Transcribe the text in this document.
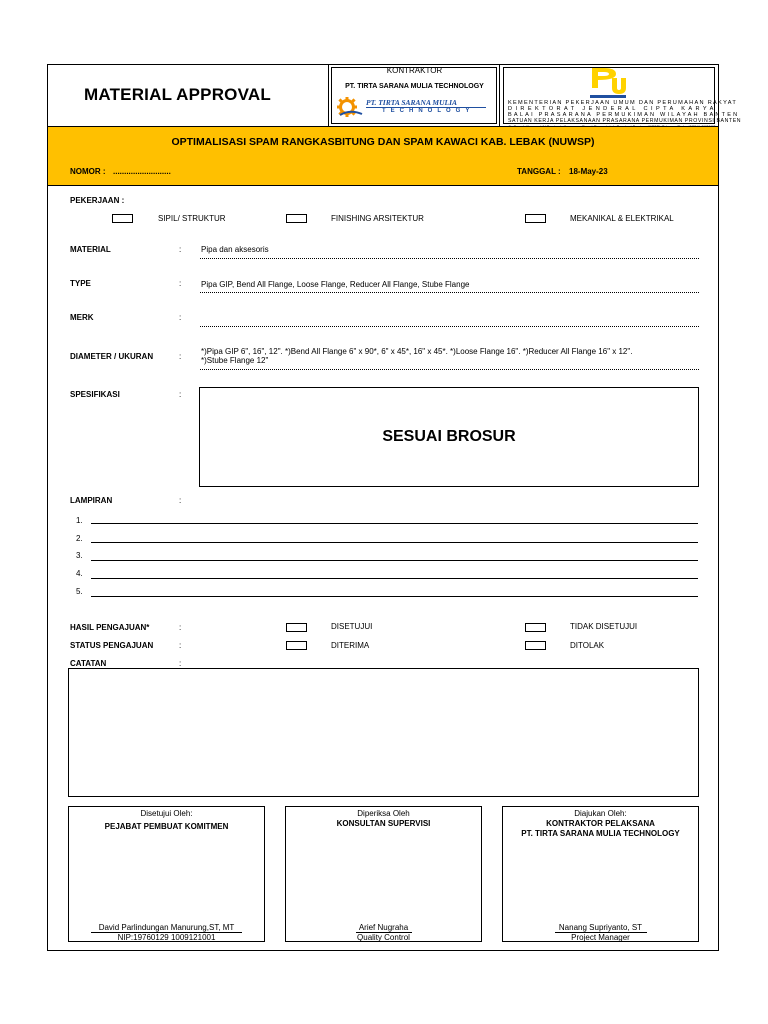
MATERIAL APPROVAL
KONTRAKTOR
PT. TIRTA SARANA MULIA TECHNOLOGY
PT. TIRTA SARANA MULIA
TECHNOLOGY
KEMENTERIAN PEKERJAAN UMUM DAN PERUMAHAN RAKYAT
DIREKTORAT JENDERAL CIPTA KARYA
BALAI PRASARANA PERMUKIMAN WILAYAH BANTEN
SATUAN KERJA PELAKSANAAN PRASARANA PERMUKIMAN PROVINSI BANTEN
OPTIMALISASI SPAM RANGKASBITUNG DAN SPAM KAWACI KAB. LEBAK (NUWSP)
NOMOR : ..........................	TANGGAL : 18-May-23
PEKERJAAN :
SIPIL/ STRUKTUR	FINISHING ARSITEKTUR	MEKANIKAL & ELEKTRIKAL
MATERIAL	: Pipa dan aksesoris
TYPE	: Pipa GIP, Bend All Flange, Loose Flange, Reducer All Flange, Stube Flange
MERK	:
DIAMETER / UKURAN	:
*)Pipa GIP 6", 16", 12". *)Bend All Flange 6" x 90*, 6" x 45*, 16" x 45*. *)Loose Flange 16". *)Reducer All Flange 16" x 12".
*)Stube Flange 12"
SPESIFIKASI	:
SESUAI BROSUR
LAMPIRAN	:
1.
2.
3.
4.
5.
HASIL PENGAJUAN*	:	DISETUJUI	TIDAK DISETUJUI
STATUS PENGAJUAN	:	DITERIMA	DITOLAK
CATATAN	:
Disetujui Oleh:
PEJABAT PEMBUAT KOMITMEN
David Parlindungan Manurung,ST, MT
NIP:19760129 1009121001
Diperiksa Oleh
KONSULTAN SUPERVISI
Arief Nugraha
Quality Control
Diajukan Oleh:
KONTRAKTOR PELAKSANA
PT. TIRTA SARANA MULIA TECHNOLOGY
Nanang Supriyanto, ST
Project Manager
